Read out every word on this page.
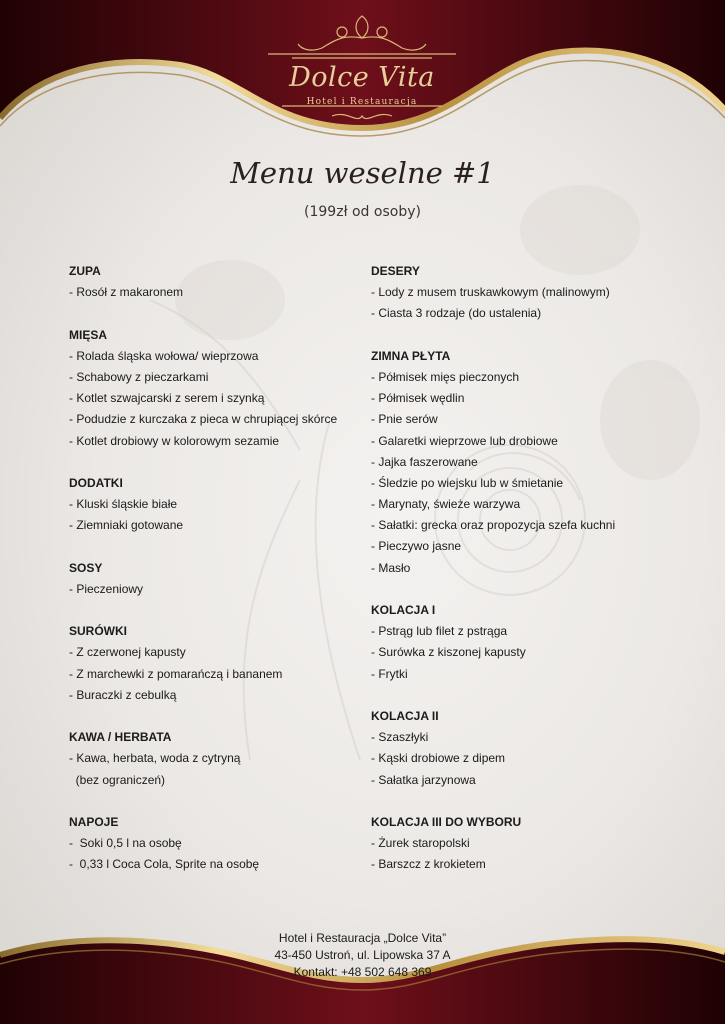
Dolce Vita
Hotel i Restauracja
Menu weselne #1
(199zł od osoby)
ZUPA
- Rosół z makaronem
MIĘSA
- Rolada śląska wołowa/ wieprzowa
- Schabowy z pieczarkami
- Kotlet szwajcarski z serem i szynką
- Podudzie z kurczaka z pieca w chrupiącej skórce
- Kotlet drobiowy w kolorowym sezamie
DODATKI
- Kluski śląskie białe
- Ziemniaki gotowane
SOSY
- Pieczeniowy
SURÓWKI
- Z czerwonej kapusty
- Z marchewki z pomarańczą i bananem
- Buraczki z cebulką
KAWA / HERBATA
- Kawa, herbata, woda z cytryną
(bez ograniczeń)
NAPOJE
-  Soki 0,5 l na osobę
-  0,33 l Coca Cola, Sprite na osobę
DESERY
- Lody z musem truskawkowym (malinowym)
- Ciasta 3 rodzaje (do ustalenia)
ZIMNA PŁYTA
- Półmisek mięs pieczonych
- Półmisek wędlin
- Pnie serów
- Galaretki wieprzowe lub drobiowe
- Jajka faszerowane
- Śledzie po wiejsku lub w śmietanie
- Marynaty, świeże warzywa
- Sałatki: grecka oraz propozycja szefa kuchni
- Pieczywo jasne
- Masło
KOLACJA I
- Pstrąg lub filet z pstrąga
- Surówka z kiszonej kapusty
- Frytki
KOLACJA II
- Szaszłyki
- Kąski drobiowe z dipem
- Sałatka jarzynowa
KOLACJA III DO WYBORU
- Żurek staropolski
- Barszcz z krokietem
Hotel i Restauracja „Dolce Vita”
43-450 Ustroń, ul. Lipowska 37 A
Kontakt: +48 502 648 369
